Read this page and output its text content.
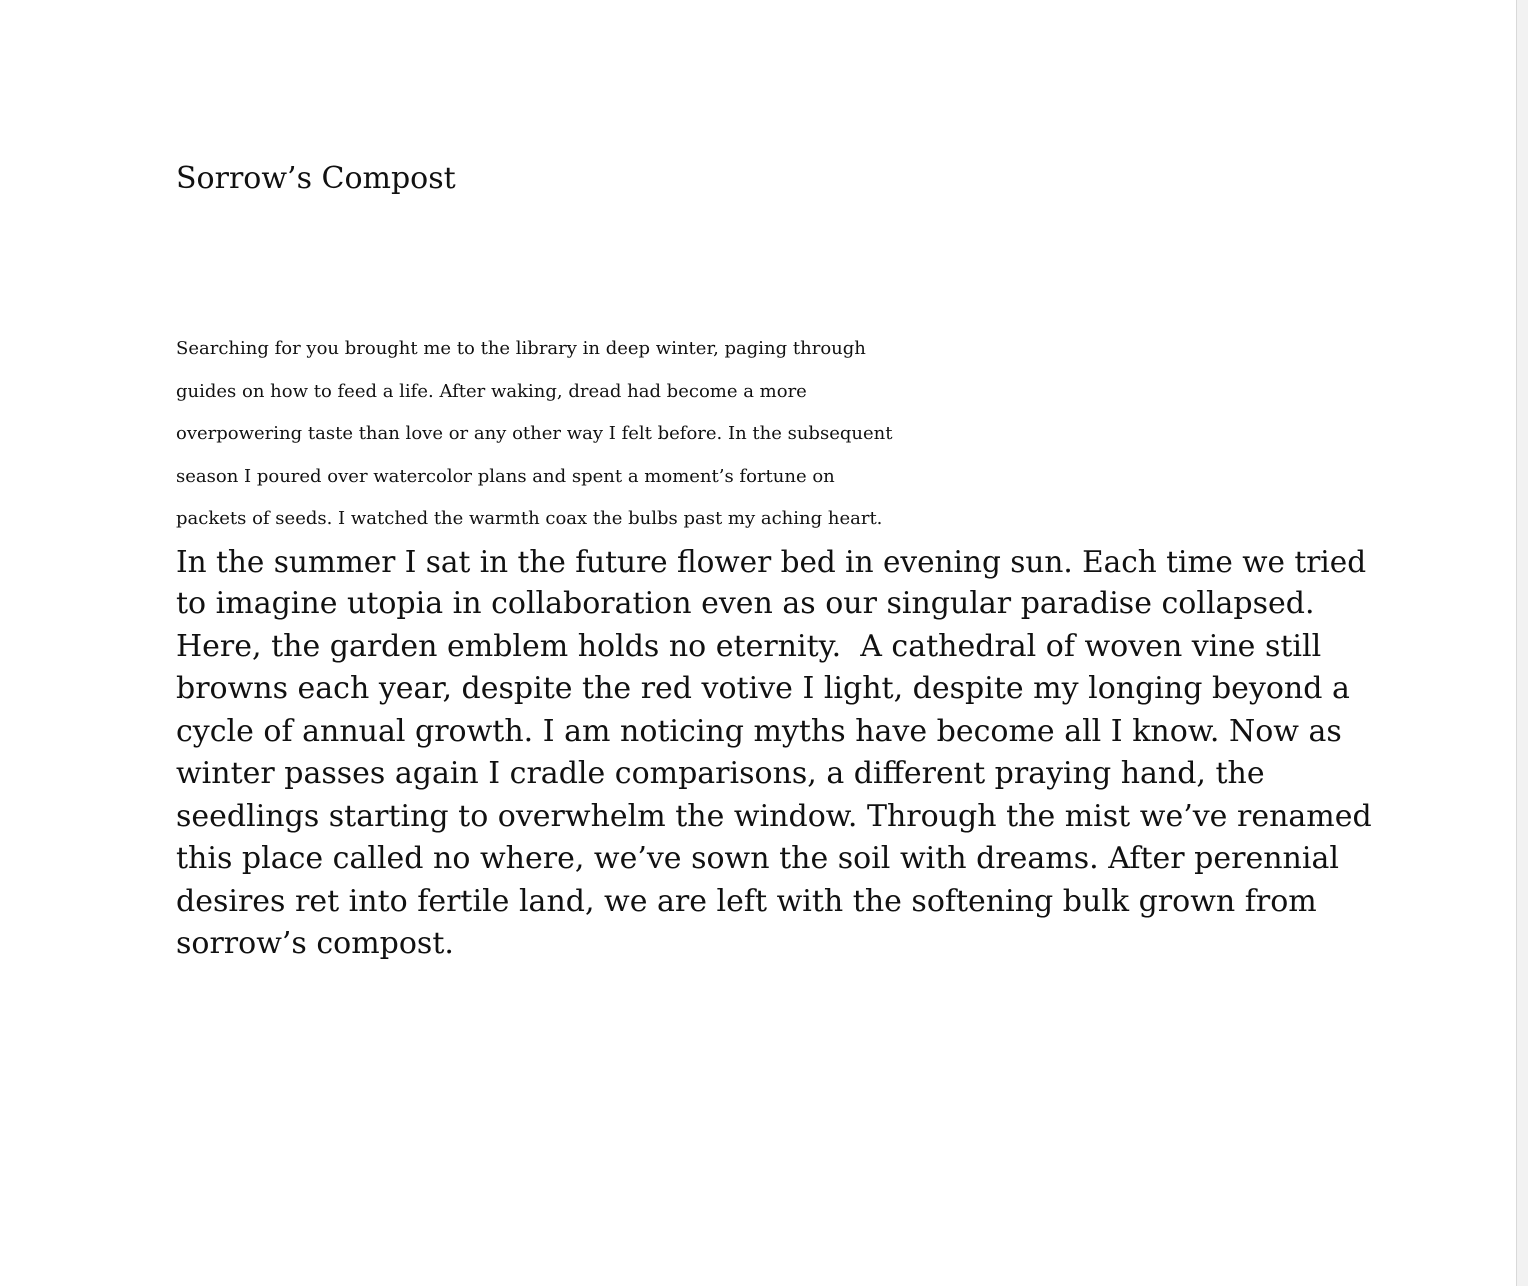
Sorrow’s Compost
Searching for you brought me to the library in deep winter, paging through
guides on how to feed a life. After waking, dread had become a more
overpowering taste than love or any other way I felt before. In the subsequent
season I poured over watercolor plans and spent a moment’s fortune on
packets of seeds. I watched the warmth coax the bulbs past my aching heart.
In the summer I sat in the future flower bed in evening sun. Each time we tried
to imagine utopia in collaboration even as our singular paradise collapsed.
Here, the garden emblem holds no eternity.  A cathedral of woven vine still
browns each year, despite the red votive I light, despite my longing beyond a
cycle of annual growth. I am noticing myths have become all I know. Now as
winter passes again I cradle comparisons, a different praying hand, the
seedlings starting to overwhelm the window. Through the mist we’ve renamed
this place called no where, we’ve sown the soil with dreams. After perennial
desires ret into fertile land, we are left with the softening bulk grown from
sorrow’s compost.
